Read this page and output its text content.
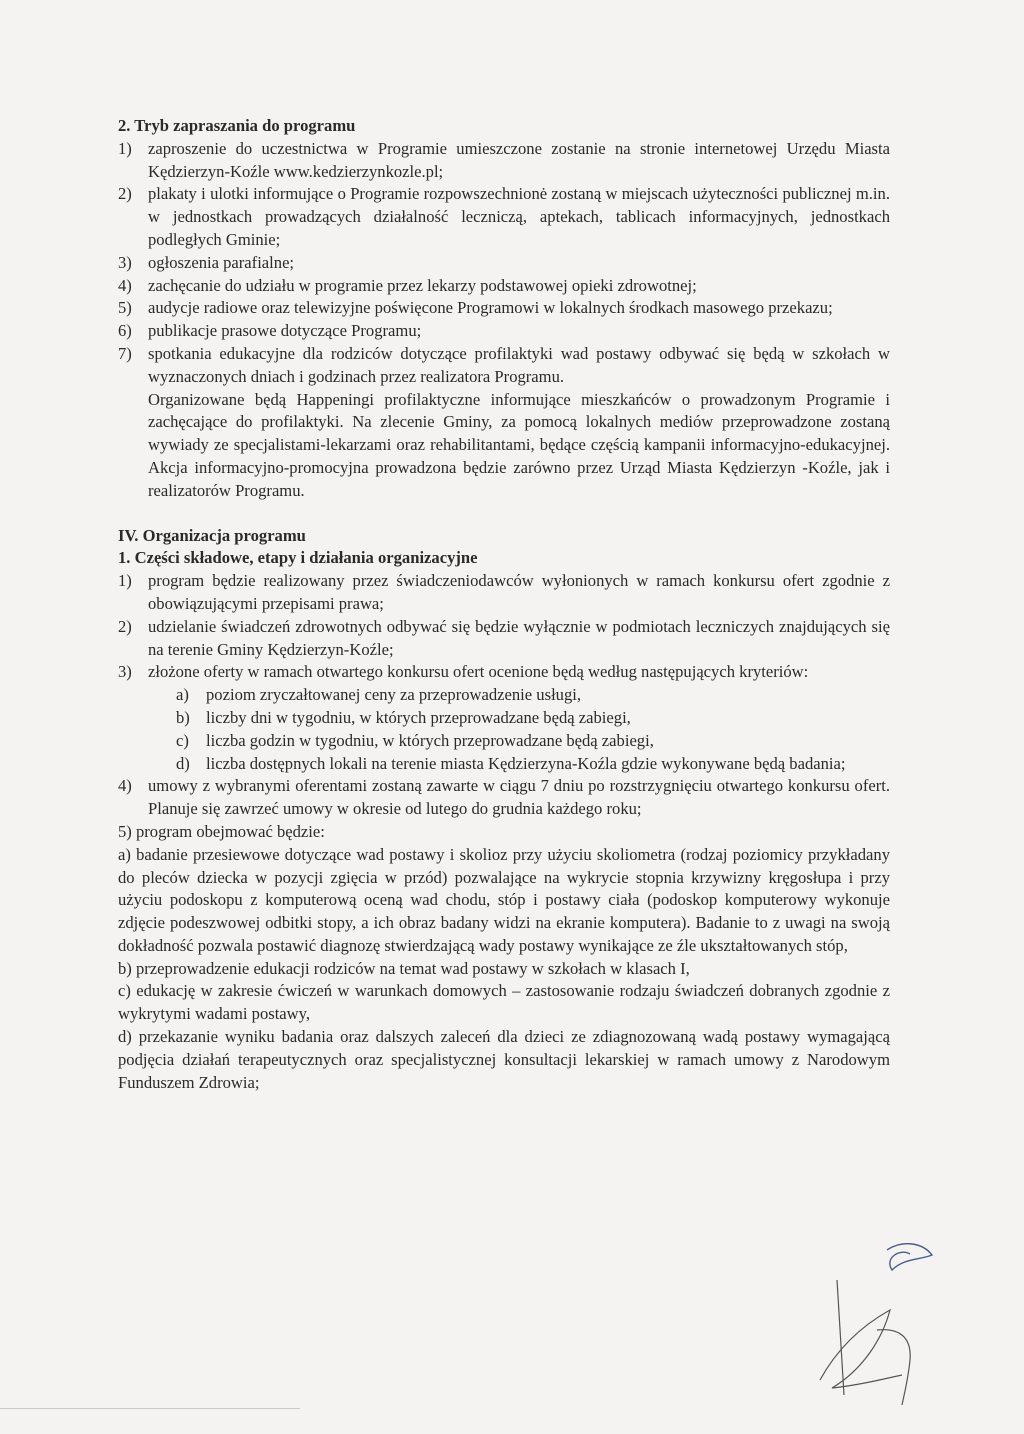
2. Tryb zapraszania do programu
1) zaproszenie do uczestnictwa w Programie umieszczone zostanie na stronie internetowej Urzędu Miasta Kędzierzyn-Koźle www.kedzierzynkozle.pl;
2) plakaty i ulotki informujące o Programie rozpowszechnionė zostaną w miejscach użyteczności publicznej m.in. w jednostkach prowadzących działalność leczniczą, aptekach, tablicach informacyjnych, jednostkach podległych Gminie;
3) ogłoszenia parafialne;
4) zachęcanie do udziału w programie przez lekarzy podstawowej opieki zdrowotnej;
5) audycje radiowe oraz telewizyjne poświęcone Programowi w lokalnych środkach masowego przekazu;
6) publikacje prasowe dotyczące Programu;
7) spotkania edukacyjne dla rodziców dotyczące profilaktyki wad postawy odbywać się będą w szkołach w wyznaczonych dniach i godzinach przez realizatora Programu.
Organizowane będą Happeningi profilaktyczne informujące mieszkańców o prowadzonym Programie i zachęcające do profilaktyki. Na zlecenie Gminy, za pomocą lokalnych mediów przeprowadzone zostaną wywiady ze specjalistami-lekarzami oraz rehabilitantami, będące częścią kampanii informacyjno-edukacyjnej. Akcja informacyjno-promocyjna prowadzona będzie zarówno przez Urząd Miasta Kędzierzyn -Koźle, jak i realizatorów Programu.
IV. Organizacja programu
1. Części składowe, etapy i działania organizacyjne
1) program będzie realizowany przez świadczeniodawców wyłonionych w ramach konkursu ofert zgodnie z obowiązującymi przepisami prawa;
2) udzielanie świadczeń zdrowotnych odbywać się będzie wyłącznie w podmiotach leczniczych znajdujących się na terenie Gminy Kędzierzyn-Koźle;
3) złożone oferty w ramach otwartego konkursu ofert ocenione będą według następujących kryteriów:
a)	poziom zryczałtowanej ceny za przeprowadzenie usługi,
b) liczby dni w tygodniu, w których przeprowadzane będą zabiegi,
c)	liczba godzin w tygodniu, w których przeprowadzane będą zabiegi,
d) liczba dostępnych lokali na terenie miasta Kędzierzyna-Koźla gdzie wykonywane będą badania;
4) umowy z wybranymi oferentami zostaną zawarte w ciągu 7 dniu po rozstrzygnięciu otwartego konkursu ofert. Planuje się zawrzeć umowy w okresie od lutego do grudnia każdego roku;
5) program obejmować będzie:
a) badanie przesiewowe dotyczące wad postawy i skolioz przy użyciu skoliometra (rodzaj poziomicy przykładany do pleców dziecka w pozycji zgięcia w przód) pozwalające na wykrycie stopnia krzywizny kręgosłupa i przy użyciu podoskopu z komputerową oceną wad chodu, stóp i postawy ciała (podoskop komputerowy wykonuje zdjęcie podeszwowej odbitki stopy, a ich obraz badany widzi na ekranie komputera). Badanie to z uwagi na swoją dokładność pozwala postawić diagnozę stwierdzającą wady postawy wynikające ze źle ukształtowanych stóp,
b) przeprowadzenie edukacji rodziców na temat wad postawy w szkołach w klasach I,
c) edukację w zakresie ćwiczeń w warunkach domowych – zastosowanie rodzaju świadczeń dobranych zgodnie z wykrytymi wadami postawy,
d) przekazanie wyniku badania oraz dalszych zaleceń dla dzieci ze zdiagnozowaną wadą postawy wymagającą podjęcia działań terapeutycznych oraz specjalistycznej konsultacji lekarskiej w ramach umowy z Narodowym Funduszem Zdrowia;
